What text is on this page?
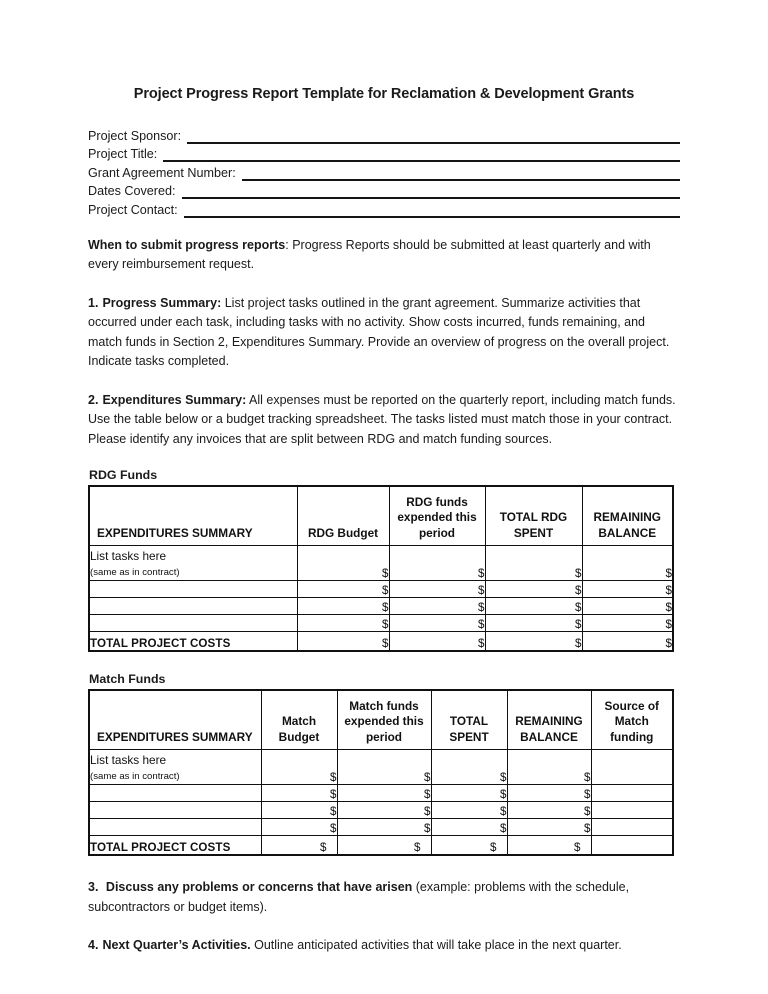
Project Progress Report Template for Reclamation & Development Grants
Project Sponsor:
Project Title:
Grant Agreement Number:
Dates Covered:
Project Contact:

When to submit progress reports: Progress Reports should be submitted at least quarterly and with every reimbursement request.

1. Progress Summary: List project tasks outlined in the grant agreement. Summarize activities that occurred under each task, including tasks with no activity. Show costs incurred, funds remaining, and match funds in Section 2, Expenditures Summary. Provide an overview of progress on the overall project. Indicate tasks completed.

2. Expenditures Summary: All expenses must be reported on the quarterly report, including match funds. Use the table below or a budget tracking spreadsheet. The tasks listed must match those in your contract. Please identify any invoices that are split between RDG and match funding sources.

RDG Funds
EXPENDITURES SUMMARY	RDG Budget	RDG funds expended this period	TOTAL RDG SPENT	REMAINING BALANCE

List tasks here
(same as in contract)	$	$	$	$
	$	$	$	$
	$	$	$	$
	$	$	$	$
TOTAL PROJECT COSTS	$	$	$	$
Match Funds
EXPENDITURES SUMMARY	Match Budget	Match funds expended this period	TOTAL SPENT	REMAINING BALANCE	Source of Match funding

List tasks here
(same as in contract)	$	$	$	$	
	$	$	$	$	
	$	$	$	$	
	$	$	$	$	
TOTAL PROJECT COSTS	$	$	$	$	

3. Discuss any problems or concerns that have arisen (example: problems with the schedule, subcontractors or budget items).

4. Next Quarter’s Activities. Outline anticipated activities that will take place in the next quarter.
